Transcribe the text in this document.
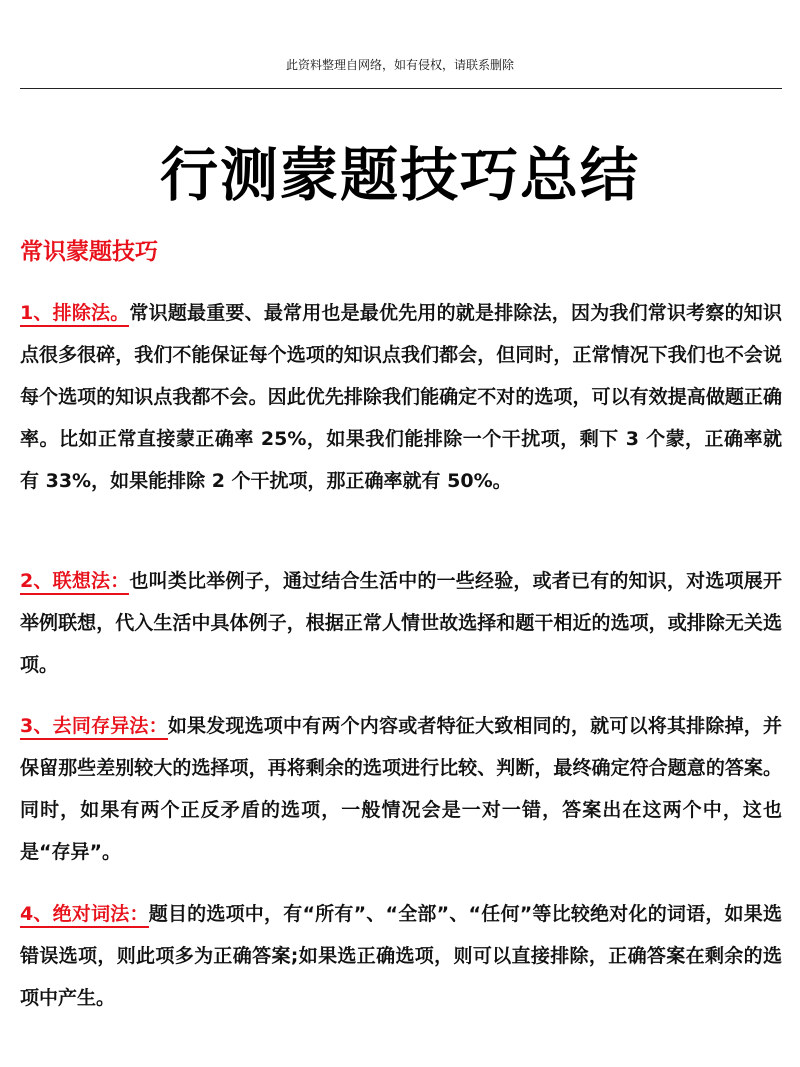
此资料整理自网络，如有侵权，请联系删除
行测蒙题技巧总结
常识蒙题技巧
1、排除法。常识题最重要、最常用也是最优先用的就是排除法，因为我们常识考察的知识点很多很碎，我们不能保证每个选项的知识点我们都会，但同时，正常情况下我们也不会说每个选项的知识点我都不会。因此优先排除我们能确定不对的选项，可以有效提高做题正确率。比如正常直接蒙正确率 25%，如果我们能排除一个干扰项，剩下 3 个蒙，正确率就有 33%，如果能排除 2 个干扰项，那正确率就有 50%。
2、联想法：也叫类比举例子，通过结合生活中的一些经验，或者已有的知识，对选项展开举例联想，代入生活中具体例子，根据正常人情世故选择和题干相近的选项，或排除无关选项。
3、去同存异法：如果发现选项中有两个内容或者特征大致相同的，就可以将其排除掉，并保留那些差别较大的选择项，再将剩余的选项进行比较、判断，最终确定符合题意的答案。同时，如果有两个正反矛盾的选项，一般情况会是一对一错，答案出在这两个中，这也是“存异”。
4、绝对词法：题目的选项中，有“所有”、“全部”、“任何”等比较绝对化的词语，如果选错误选项，则此项多为正确答案;如果选正确选项，则可以直接排除，正确答案在剩余的选项中产生。
